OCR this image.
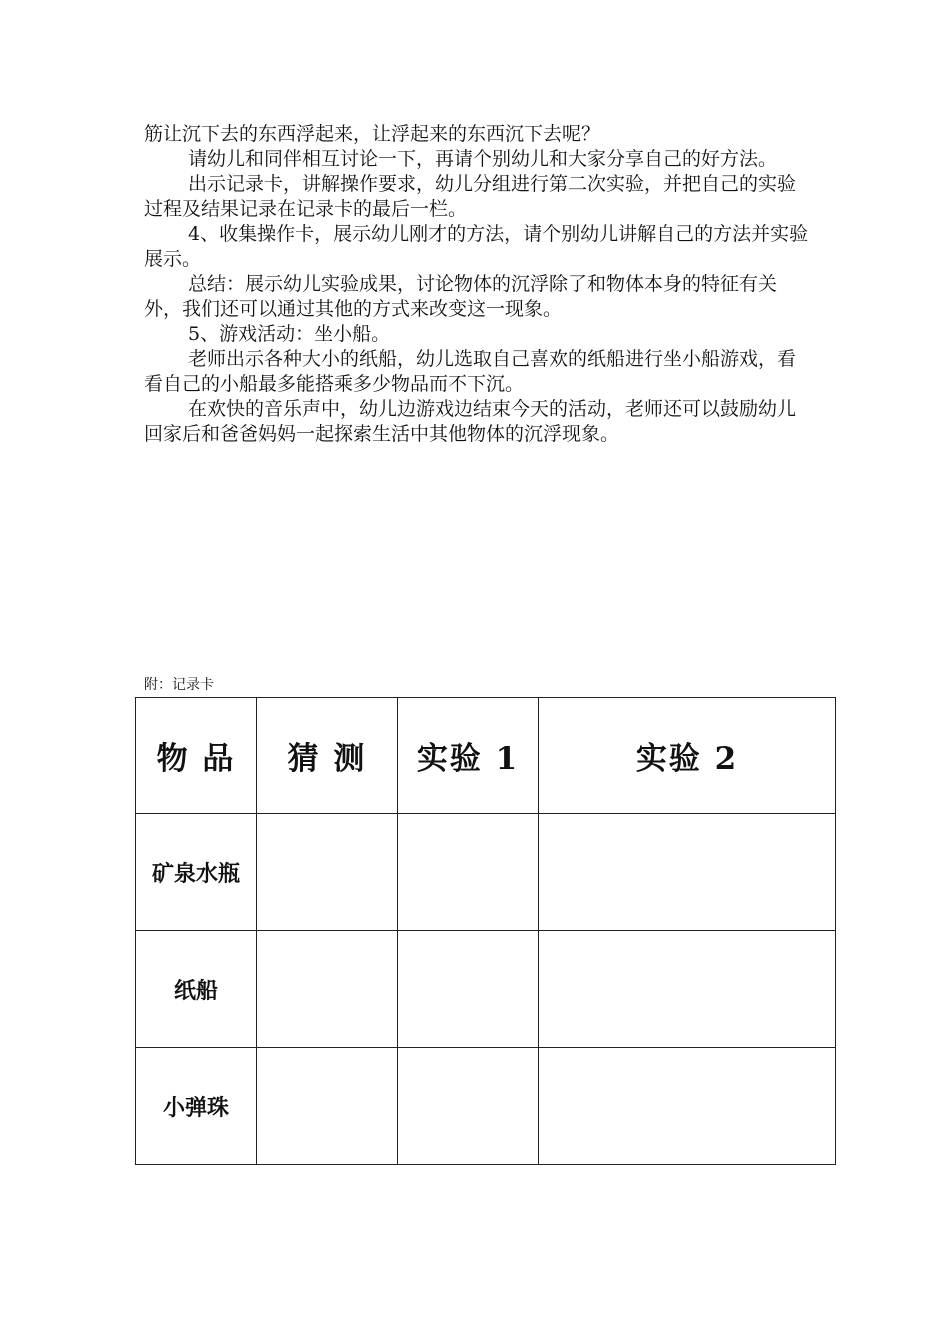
筋让沉下去的东西浮起来，让浮起来的东西沉下去呢？

请幼儿和同伴相互讨论一下，再请个别幼儿和大家分享自己的好方法。

出示记录卡，讲解操作要求，幼儿分组进行第二次实验，并把自己的实验过程及结果记录在记录卡的最后一栏。

4、收集操作卡，展示幼儿刚才的方法，请个别幼儿讲解自己的方法并实验展示。

总结：展示幼儿实验成果，讨论物体的沉浮除了和物体本身的特征有关外，我们还可以通过其他的方式来改变这一现象。

5、游戏活动：坐小船。

老师出示各种大小的纸船，幼儿选取自己喜欢的纸船进行坐小船游戏，看看自己的小船最多能搭乘多少物品而不下沉。

在欢快的音乐声中，幼儿边游戏边结束今天的活动，老师还可以鼓励幼儿回家后和爸爸妈妈一起探索生活中其他物体的沉浮现象。

附：记录卡
物 品	猜 测	实验 1	实验 2
矿泉水瓶			
纸船			
小弹珠			
